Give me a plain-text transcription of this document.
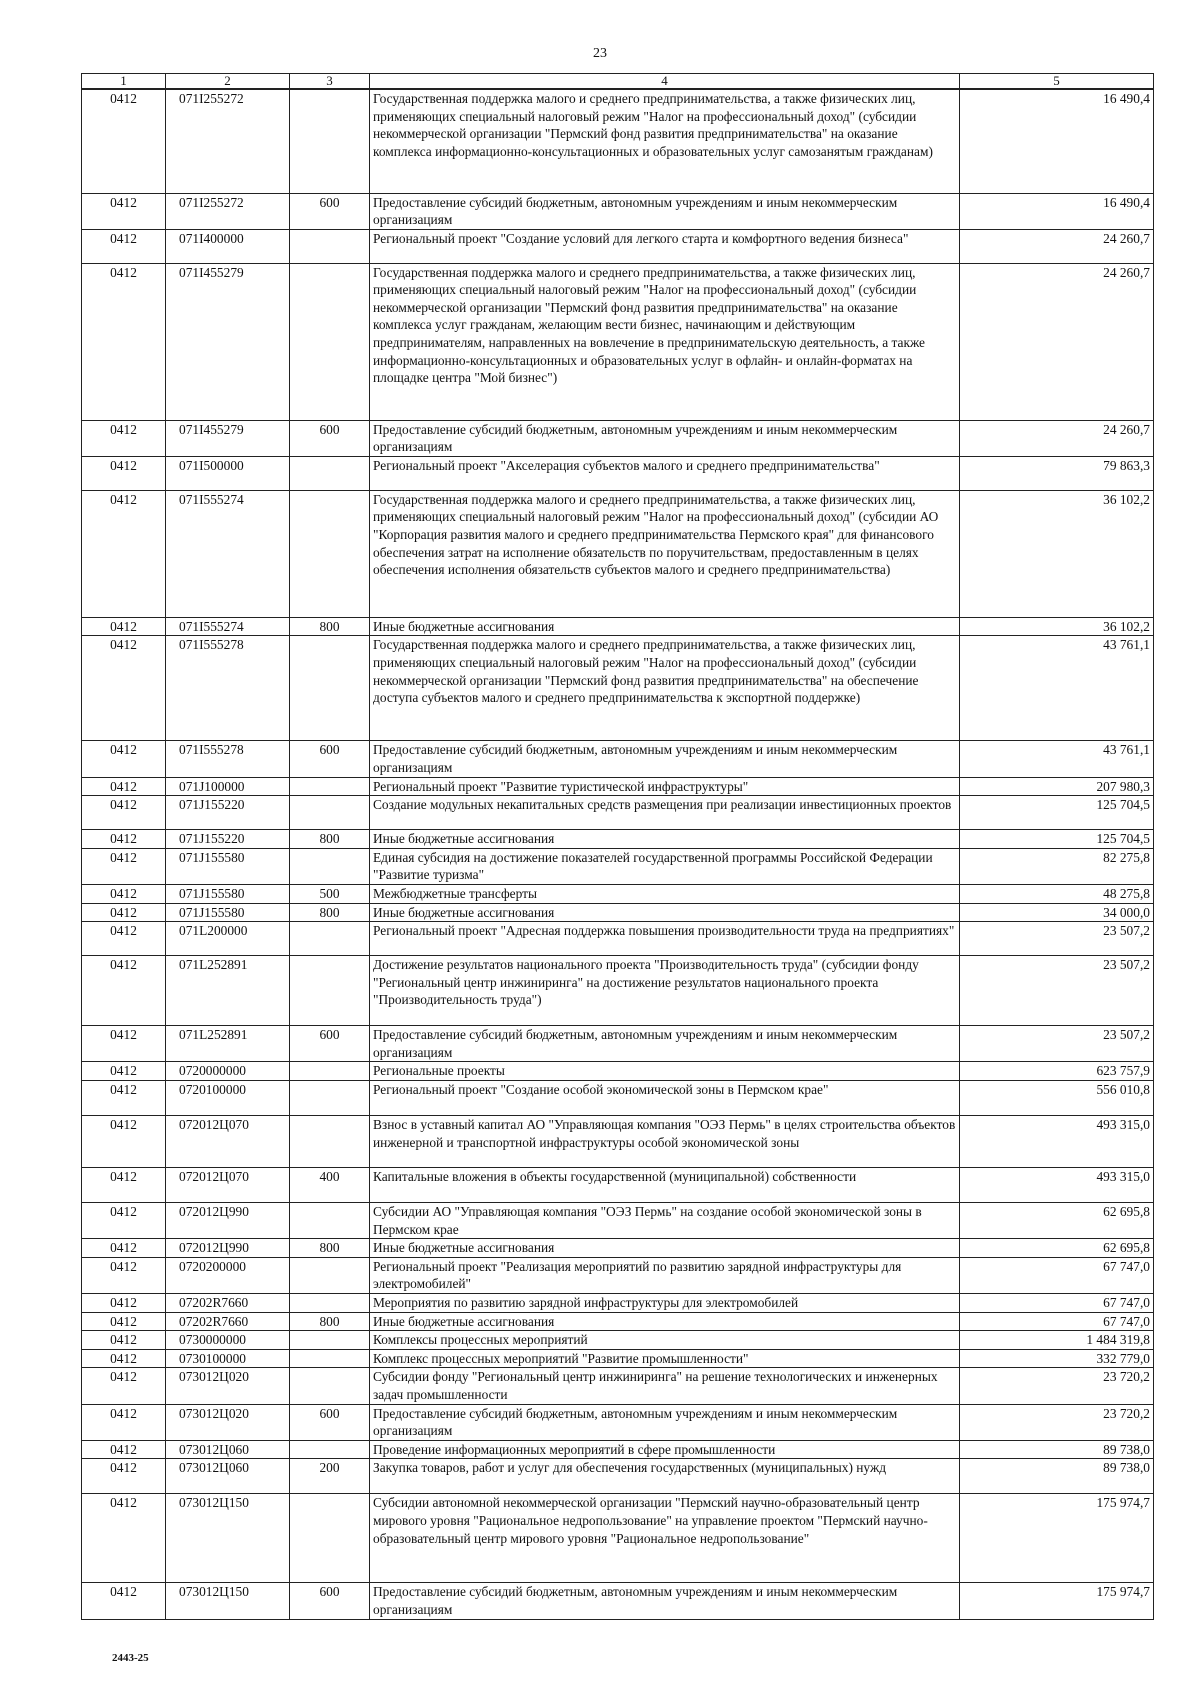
23
1	2	3	4	5
0412	071I255272		Государственная поддержка малого и среднего предпринимательства, а также физических лиц, применяющих специальный налоговый режим "Налог на профессиональный доход" (субсидии некоммерческой организации "Пермский фонд развития предпринимательства" на оказание комплекса информационно-консультационных и образовательных услуг самозанятым гражданам)	16 490,4
0412	071I255272	600	Предоставление субсидий бюджетным, автономным учреждениям и иным некоммерческим организациям	16 490,4
0412	071I400000		Региональный проект "Создание условий для легкого старта и комфортного ведения бизнеса"	24 260,7
0412	071I455279		Государственная поддержка малого и среднего предпринимательства, а также физических лиц, применяющих специальный налоговый режим "Налог на профессиональный доход" (субсидии некоммерческой организации "Пермский фонд развития предпринимательства" на оказание комплекса услуг гражданам, желающим вести бизнес, начинающим и действующим предпринимателям, направленных на вовлечение в предпринимательскую деятельность, а также информационно-консультационных и образовательных услуг в офлайн- и онлайн-форматах на площадке центра "Мой бизнес")	24 260,7
0412	071I455279	600	Предоставление субсидий бюджетным, автономным учреждениям и иным некоммерческим организациям	24 260,7
0412	071I500000		Региональный проект "Акселерация субъектов малого и среднего предпринимательства"	79 863,3
0412	071I555274		Государственная поддержка малого и среднего предпринимательства, а также физических лиц, применяющих специальный налоговый режим "Налог на профессиональный доход" (субсидии АО "Корпорация развития малого и среднего предпринимательства Пермского края" для финансового обеспечения затрат на исполнение обязательств по поручительствам, предоставленным в целях обеспечения исполнения обязательств субъектов малого и среднего предпринимательства)	36 102,2
0412	071I555274	800	Иные бюджетные ассигнования	36 102,2
0412	071I555278		Государственная поддержка малого и среднего предпринимательства, а также физических лиц, применяющих специальный налоговый режим "Налог на профессиональный доход" (субсидии некоммерческой организации "Пермский фонд развития предпринимательства" на обеспечение доступа субъектов малого и среднего предпринимательства к экспортной поддержке)	43 761,1
0412	071I555278	600	Предоставление субсидий бюджетным, автономным учреждениям и иным некоммерческим организациям	43 761,1
0412	071J100000		Региональный проект "Развитие туристической инфраструктуры"	207 980,3
0412	071J155220		Создание модульных некапитальных средств размещения при реализации инвестиционных проектов	125 704,5
0412	071J155220	800	Иные бюджетные ассигнования	125 704,5
0412	071J155580		Единая субсидия на достижение показателей государственной программы Российской Федерации "Развитие туризма"	82 275,8
0412	071J155580	500	Межбюджетные трансферты	48 275,8
0412	071J155580	800	Иные бюджетные ассигнования	34 000,0
0412	071L200000		Региональный проект "Адресная поддержка повышения производительности труда на предприятиях"	23 507,2
0412	071L252891		Достижение результатов национального проекта "Производительность труда" (субсидии фонду "Региональный центр инжиниринга" на достижение результатов национального проекта "Производительность труда")	23 507,2
0412	071L252891	600	Предоставление субсидий бюджетным, автономным учреждениям и иным некоммерческим организациям	23 507,2
0412	0720000000		Региональные проекты	623 757,9
0412	0720100000		Региональный проект "Создание особой экономической зоны в Пермском крае"	556 010,8
0412	072012Ц070		Взнос в уставный капитал АО "Управляющая компания "ОЭЗ Пермь" в целях строительства объектов инженерной и транспортной инфраструктуры особой экономической зоны	493 315,0
0412	072012Ц070	400	Капитальные вложения в объекты государственной (муниципальной) собственности	493 315,0
0412	072012Ц990		Субсидии АО "Управляющая компания "ОЭЗ Пермь" на создание особой экономической зоны в Пермском крае	62 695,8
0412	072012Ц990	800	Иные бюджетные ассигнования	62 695,8
0412	0720200000		Региональный проект "Реализация мероприятий по развитию зарядной инфраструктуры для электромобилей"	67 747,0
0412	07202R7660		Мероприятия по развитию зарядной инфраструктуры для электромобилей	67 747,0
0412	07202R7660	800	Иные бюджетные ассигнования	67 747,0
0412	0730000000		Комплексы процессных мероприятий	1 484 319,8
0412	0730100000		Комплекс процессных мероприятий "Развитие промышленности"	332 779,0
0412	073012Ц020		Субсидии фонду "Региональный центр инжиниринга" на решение технологических и инженерных задач промышленности	23 720,2
0412	073012Ц020	600	Предоставление субсидий бюджетным, автономным учреждениям и иным некоммерческим организациям	23 720,2
0412	073012Ц060		Проведение информационных мероприятий в сфере промышленности	89 738,0
0412	073012Ц060	200	Закупка товаров, работ и услуг для обеспечения государственных (муниципальных) нужд	89 738,0
0412	073012Ц150		Субсидии автономной некоммерческой организации "Пермский научно-образовательный центр мирового уровня "Рациональное недропользование" на управление проектом "Пермский научно-образовательный центр мирового уровня "Рациональное недропользование"	175 974,7
0412	073012Ц150	600	Предоставление субсидий бюджетным, автономным учреждениям и иным некоммерческим организациям	175 974,7
2443-25
